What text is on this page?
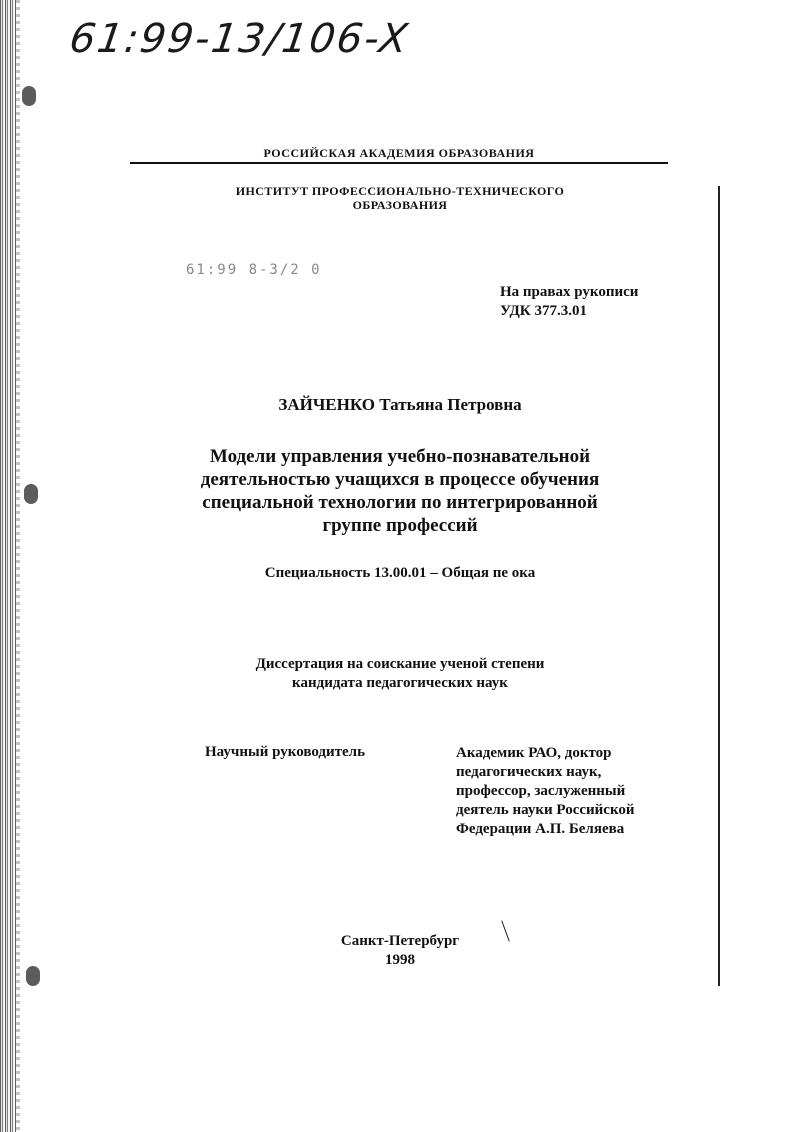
61:99-13/106-X
РОССИЙСКАЯ АКАДЕМИЯ ОБРАЗОВАНИЯ
ИНСТИТУТ ПРОФЕССИОНАЛЬНО-ТЕХНИЧЕСКОГО
ОБРАЗОВАНИЯ
61:99 8-3/2 0
На правах рукописи
УДК 377.3.01
ЗАЙЧЕНКО Татьяна Петровна
Модели управления учебно-познавательной
деятельностью учащихся в процессе обучения
специальной технологии по интегрированной
группе профессий
Специальность 13.00.01 – Общая пе ока
Диссертация на соискание ученой степени
кандидата педагогических наук
Научный руководитель	Академик РАО, доктор
педагогических наук,
профессор, заслуженный
деятель науки Российской
Федерации А.П. Беляева
Санкт-Петербург
1998
